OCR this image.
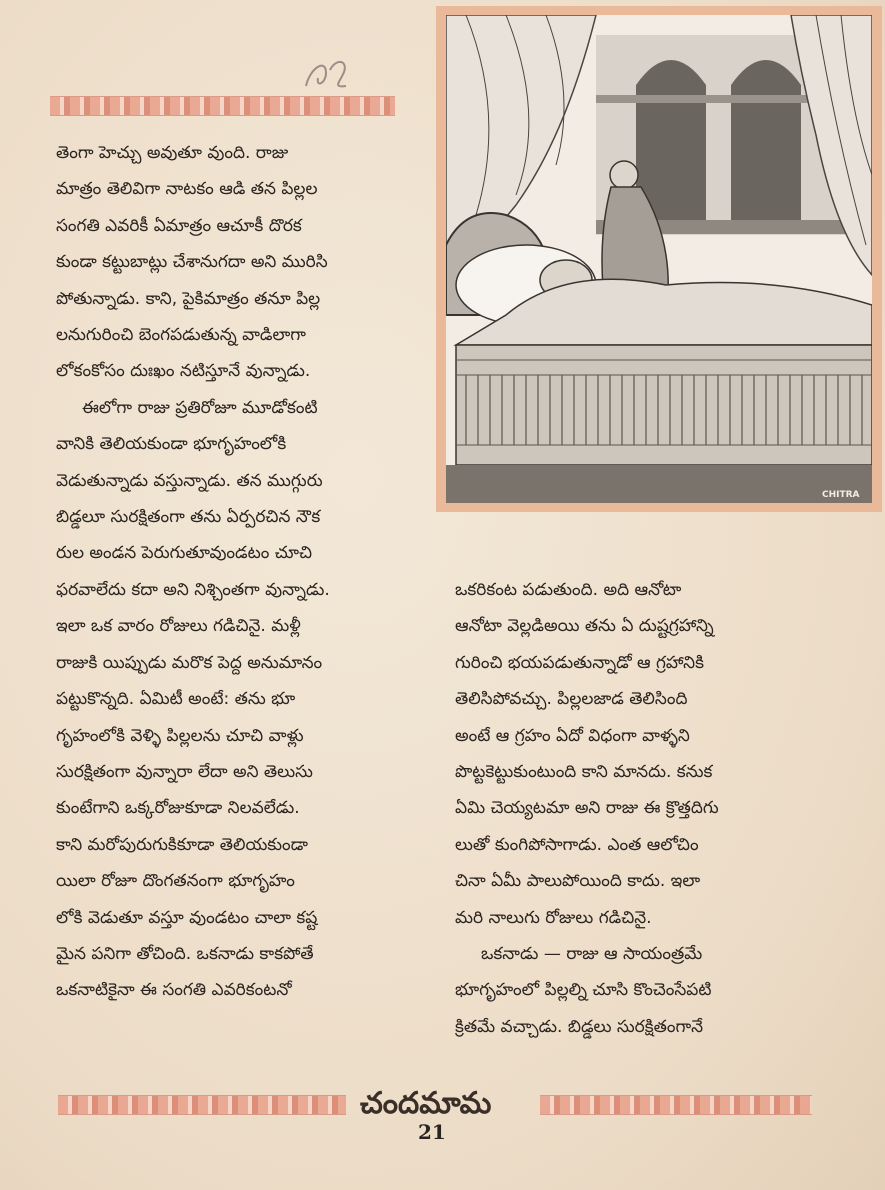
తెంగా హెచ్చు అవుతూ వుంది. రాజు
మాత్రం తెలివిగా నాటకం ఆడి తన పిల్లల
సంగతి ఎవరికీ ఏమాత్రం ఆచూకీ దొరక
కుండా కట్టుబాట్లు చేశానుగదా అని మురిసి
పోతున్నాడు. కాని, పైకిమాత్రం తనూ పిల్ల
లనుగురించి బెంగపడుతున్న వాడిలాగా
లోకంకోసం దుఃఖం నటిస్తూనే వున్నాడు.
ఈలోగా రాజు ప్రతిరోజూ మూడోకంటి
వానికి తెలియకుండా భూగృహంలోకి
వెడుతున్నాడు వస్తున్నాడు. తన ముగ్గురు
బిడ్డలూ సురక్షితంగా తను ఏర్పరచిన నౌక
రుల అండన పెరుగుతూవుండటం చూచి
ఫరవాలేదు కదా అని నిశ్చింతగా వున్నాడు.
ఇలా ఒక వారం రోజులు గడిచినై. మళ్లీ
రాజుకి యిప్పుడు మరొక పెద్ద అనుమానం
పట్టుకొన్నది. ఏమిటీ అంటే: తను భూ
గృహంలోకి వెళ్ళి పిల్లలను చూచి వాళ్లు
సురక్షితంగా వున్నారా లేదా అని తెలుసు
కుంటేగాని ఒక్కరోజుకూడా నిలవలేడు.
కాని మరోపురుగుకికూడా తెలియకుండా
యిలా రోజూ దొంగతనంగా భూగృహం
లోకి వెడుతూ వస్తూ వుండటం చాలా కష్ట
మైన పనిగా తోచింది. ఒకనాడు కాకపోతే
ఒకనాటికైనా ఈ సంగతి ఎవరికంటనో
CHITRA
ఒకరికంట పడుతుంది. అది ఆనోటా
ఆనోటా వెల్లడిఅయి తను ఏ దుష్టగ్రహాన్ని
గురించి భయపడుతున్నాడో ఆ గ్రహానికి
తెలిసిపోవచ్చు. పిల్లలజాడ తెలిసింది
అంటే ఆ గ్రహం ఏదో విధంగా వాళ్ళని
పొట్టకెట్టుకుంటుంది కాని మానదు. కనుక
ఏమి చెయ్యటమా అని రాజు ఈ క్రొత్తదిగు
లుతో కుంగిపోసాగాడు. ఎంత ఆలోచిం
చినా ఏమీ పాలుపోయింది కాదు. ఇలా
మరి నాలుగు రోజులు గడిచినై.
ఒకనాడు — రాజు ఆ సాయంత్రమే
భూగృహంలో పిల్లల్ని చూసి కొంచెంసేపటి
క్రితమే వచ్చాడు. బిడ్డలు సురక్షితంగానే
చందమామ
21
